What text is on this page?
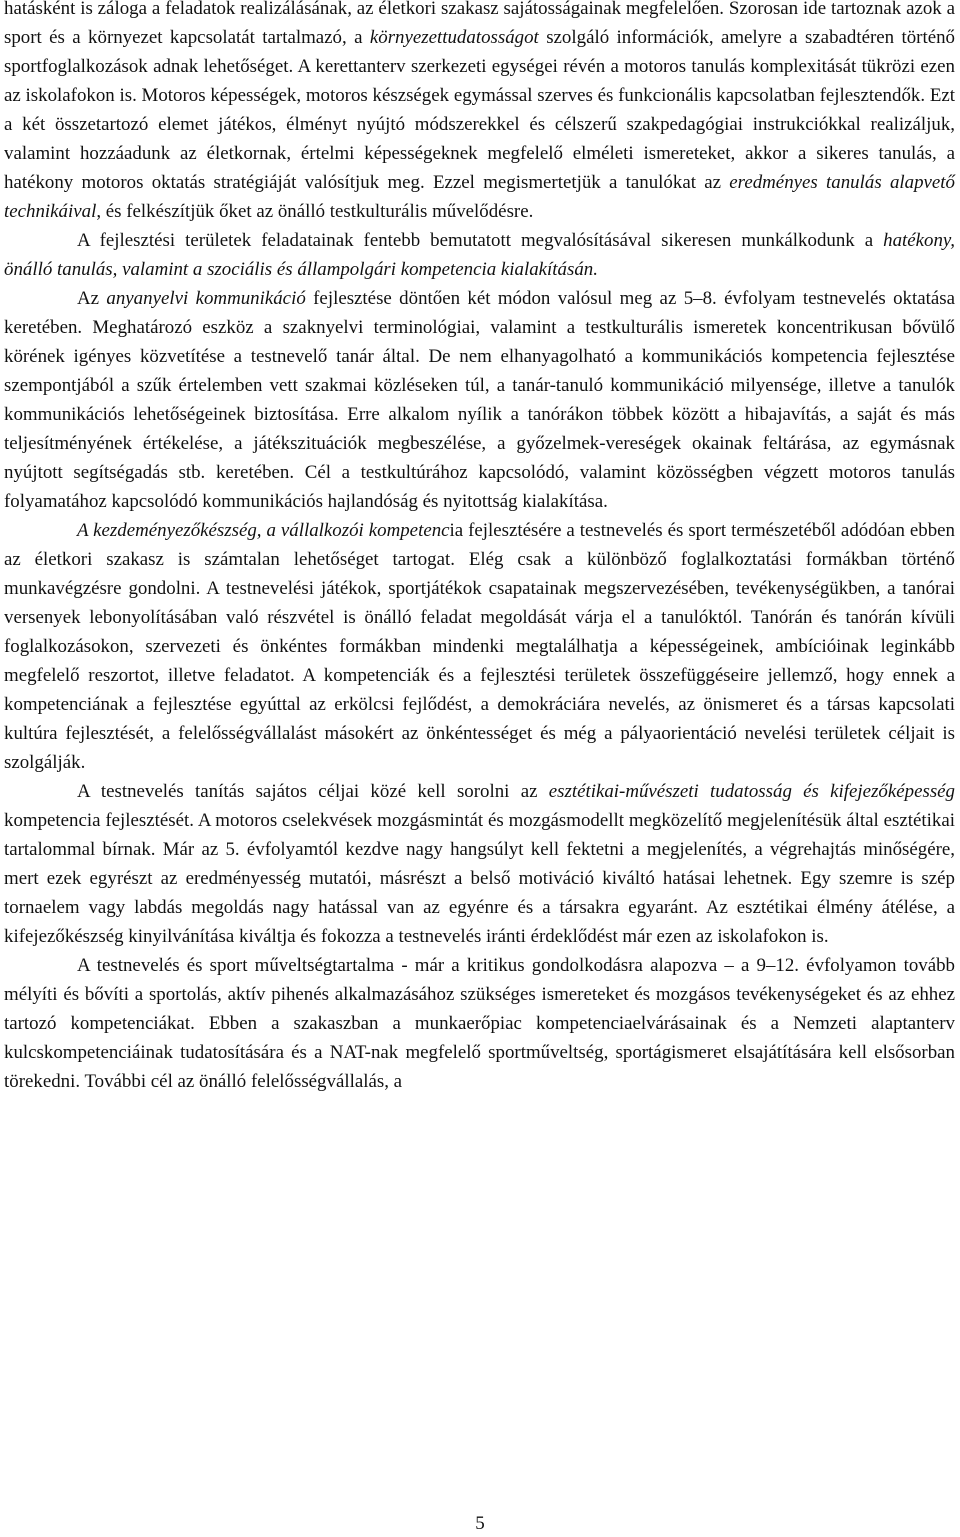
hatásként is zálogа a feladatok realizálásának, az életkori szakasz sajátosságainak megfelelően. Szorosan ide tartoznak azok a sport és a környezet kapcsolatát tartalmazó, a környezettudatosságot szolgáló információk, amelyre a szabadtéren történő sportfoglalkozások adnak lehetőséget. A kerettanterv szerkezeti egységei révén a motoros tanulás komplexitását tükrözi ezen az iskolafokon is. Motoros képességek, motoros készségek egymással szerves és funkcionális kapcsolatban fejlesztendők. Ezt a két összetartozó elemet játékos, élményt nyújtó módszerekkel és célszerű szakpedagógiai instrukciókkal realizáljuk, valamint hozzáadunk az életkornak, értelmi képességeknek megfelelő elméleti ismereteket, akkor a sikeres tanulás, a hatékony motoros oktatás stratégiáját valósítjuk meg. Ezzel megismertetjük a tanulókat az eredményes tanulás alapvető technikáival, és felkészítjük őket az önálló testkulturális művelődésre.

A fejlesztési területek feladatainak fentebb bemutatott megvalósításával sikeresen munkálkodunk a hatékony, önálló tanulás, valamint a szociális és állampolgári kompetencia kialakításán.

Az anyanyelvi kommunikáció fejlesztése döntően két módon valósul meg az 5–8. évfolyam testnevelés oktatása keretében. Meghatározó eszköz a szaknyelvi terminológiai, valamint a testkulturális ismeretek koncentrikusan bővülő körének igényes közvetítése a testnevelő tanár által. De nem elhanyagolható a kommunikációs kompetencia fejlesztése szempontjából a szűk értelemben vett szakmai közléseken túl, a tanár-tanuló kommunikáció milyensége, illetve a tanulók kommunikációs lehetőségeinek biztosítása. Erre alkalom nyílik a tanórákon többek között a hibajavítás, a saját és más teljesítményének értékelése, a játékszituációk megbeszélése, a győzelmek-vereségek okainak feltárása, az egymásnak nyújtott segítségadás stb. keretében. Cél a testkultúrához kapcsolódó, valamint közösségben végzett motoros tanulás folyamatához kapcsolódó kommunikációs hajlandóság és nyitottság kialakítása.

A kezdeményezőkészség, a vállalkozói kompetencia fejlesztésére a testnevelés és sport természetéből adódóan ebben az életkori szakasz is számtalan lehetőséget tartogat. Elég csak a különböző foglalkoztatási formákban történő munkavégzésre gondolni. A testnevelési játékok, sportjátékok csapatainak megszervezésében, tevékenységükben, a tanórai versenyek lebonyolításában való részvétel is önálló feladat megoldását várja el a tanulóktól. Tanórán és tanórán kívüli foglalkozásokon, szervezeti és önkéntes formákban mindenki megtalálhatja a képességeinek, ambícióinak leginkább megfelelő reszortot, illetve feladatot. A kompetenciák és a fejlesztési területek összefüggéseire jellemző, hogy ennek a kompetenciának a fejlesztése egyúttal az erkölcsi fejlődést, a demokráciára nevelés, az önismeret és a társas kapcsolati kultúra fejlesztését, a felelősségvállalást másokért az önkéntességet és még a pályaorientáció nevelési területek céljait is szolgálják.

A testnevelés tanítás sajátos céljai közé kell sorolni az esztétikai-művészeti tudatosság és kifejezőképesség kompetencia fejlesztését. A motoros cselekvések mozgásmintát és mozgásmodellt megközelítő megjelenítésük által esztétikai tartalommal bírnak. Már az 5. évfolyamtól kezdve nagy hangsúlyt kell fektetni a megjelenítés, a végrehajtás minőségére, mert ezek egyrészt az eredményesség mutatói, másrészt a belső motiváció kiváltó hatásai lehetnek. Egy szemre is szép tornaelem vagy labdás megoldás nagy hatással van az egyénre és a társakra egyaránt. Az esztétikai élmény átélése, a kifejezőkészség kinyilvánítása kiváltja és fokozza a testnevelés iránti érdeklődést már ezen az iskolafokon is.

A testnevelés és sport műveltségtartalma - már a kritikus gondolkodásra alapozva – a 9–12. évfolyamon tovább mélyíti és bővíti a sportolás, aktív pihenés alkalmazásához szükséges ismereteket és mozgásos tevékenységeket és az ehhez tartozó kompetenciákat. Ebben a szakaszban a munkaerőpiac kompetenciaelvárásainak és a Nemzeti alaptanterv kulcskompetenciáinak tudatosítására és a NAT-nak megfelelő sportműveltség, sportágismeret elsajátítására kell elsősorban törekedni. További cél az önálló felelősségvállalás, a

5
